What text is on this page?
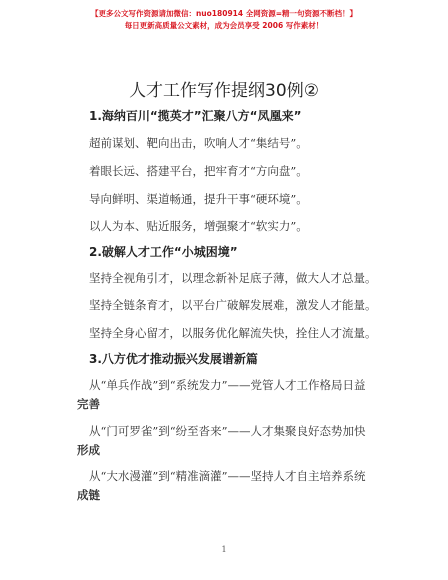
【更多公文写作资源请加微信：nuo180914 全网资源=精一句资源不断档！】
每日更新高质量公文素材，成为会员享受 2006 写作素材！
人才工作写作提纲30例②
1.海纳百川“揽英才”汇聚八方“凤凰来”
超前谋划、靶向出击，吹响人才“集结号”。
着眼长远、搭建平台，把牢育才“方向盘”。
导向鲜明、渠道畅通，提升干事“硬环境”。
以人为本、贴近服务，增强聚才“软实力”。
2.破解人才工作“小城困境”
坚持全视角引才，以理念新补足底子薄，做大人才总量。
坚持全链条育才，以平台广破解发展难，激发人才能量。
坚持全身心留才，以服务优化解流失快，拴住人才流量。
3.八方优才推动振兴发展谱新篇
从“单兵作战”到“系统发力”——党管人才工作格局日益
完善
从“门可罗雀”到“纷至沓来”——人才集聚良好态势加快
形成
从“大水漫灌”到“精准滴灌”——坚持人才自主培养系统
成链
1
